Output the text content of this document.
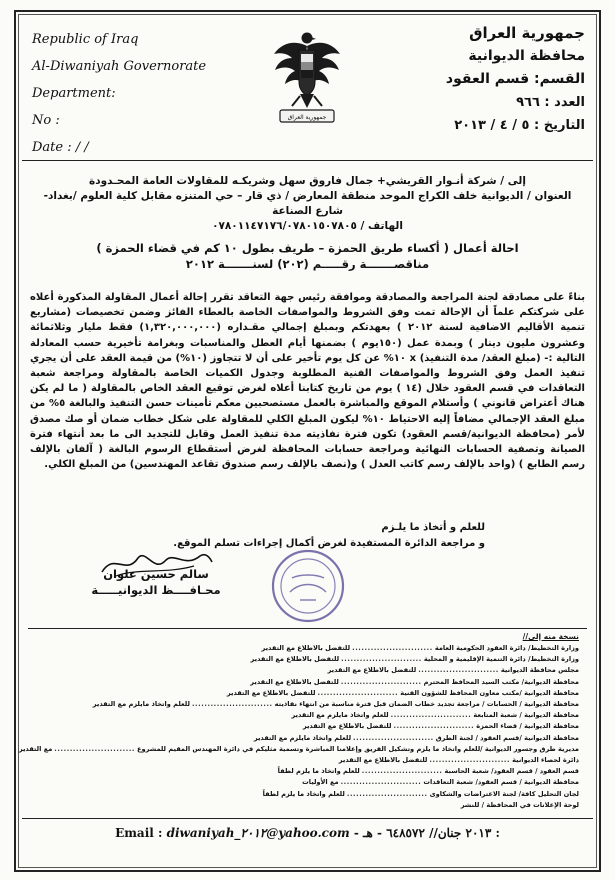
Republic of Iraq
Al-Diwaniyah Governorate
Department:
No :
Date : / /
جمهورية العراق
جمهورية العراق
محافظة الديوانية
القسم: قسم العقود
العدد : ٩٦٦
التاريخ : ٥ / ٤ / ٢٠١٣
إلى / شركة أنـوار القريشي+ جمال فاروق سهل وشريكـه للمقاولات العامة المحـدودة
العنوان / الديوانية خلف الكراج الموحد منطقة المعارض / ذي قار – حي المتنزه مقابل كلية العلوم /بغداد-
شارع الصناعة
الهاتف / ٠٧٨٠١١٤٧١٧٦/٠٧٨٠١٥٠٧٨٠٥
احالة أعمال ( أكساء طريق الحمزة – طريف بطول ١٠ كم في قضاء الحمزة )
مناقصـــــــة رقـــــم (٢٠٢) لسنـــــــة ٢٠١٢

بناءً على مصادقة لجنة المراجعة والمصادقة وموافقة رئيس جهة التعاقد تقرر إحالة أعمال المقاولة المذكورة أعلاه على شركتكم علماً أن الإحالة تمت وفق الشروط والمواصفات الخاصة بالعطاء الفائز وضمن تخصيصات (مشاريع تنمية الأقاليم الاضافية لسنة ٢٠١٢ ) بعهدتكم وبمبلغ إجمالي مقـداره (١,٣٢٠,٠٠٠,٠٠٠) فقط مليار وثلاثمائة وعشرون مليون دينار ) وبمدة عمل (١٥٠يوم ) بضمنها أيام العطل والمناسبات وبغرامة تأخيرية حسب المعادلة التالية :- (مبلغ العقد/ مدة التنفيذ) x ١٠% عن كل يوم تأخير على أن لا تتجاوز (١٠%) من قيمة العقد على أن يجري تنفيذ العمل وفق الشروط والمواصفات الفنية المطلوبة وجدول الكميات الخاصة بالمقاولة ومراجعة شعبة التعاقدات في قسم العقود خلال (١٤ ) يوم من تاريخ كتابنا أعلاه لغرض توقيع العقد الخاص بالمقاولة ( ما لم يكن هناك أعتراض قانوني ) وأستلام الموقع والمباشرة بالعمل مستصحبين معكم تأمينات حسن التنفيذ والبالغة ٥% من مبلغ العقد الإجمالي مضافاً إليه الاحتياط ١٠% ليكون المبلغ الكلي للمقاولة على شكل خطاب ضمان أو صك مصدق لأمر (محافظة الديوانية/قسم العقود) تكون فترة نفاذيته مدة تنفيذ العمل وقابل للتجديد الى ما بعد أنتهاء فترة الصيانة وتصفية الحسابات النهائية ومراجعة حسابات المحافظة لغرض أستقطاع الرسوم البالغة ( آلفان بالإلف رسم الطابع ) (واحد بالإلف رسم كاتب العدل ) و(نصف بالإلف رسم صندوق تقاعد المهندسين) من المبلغ الكلي.

للعلم و أتخاذ ما يلـزم
و مراجعة الدائرة المستفيدة لغرض أكمال إجراءات تسلم الموقع.
سالم حسين علوان
محـافــــظ الديوانيـــــة
نسخة منه إلى//
وزارة التخطيط/ دائرة العقود الحكومية العامة..........................للتفضل بالاطلاع مع التقدير
وزارة التخطيط/ دائرة التنمية الإقليمية و المحلية..........................للتفضل بالاطلاع مع التقدير
مجلس محافظة الديوانية..........................للتفضل بالاطلاع مع التقدير
محافظة الديوانية/ مكتب السيد المحافظ المحترم..........................للتفضل بالاطلاع مع التقدير
محافظة الديوانية /مكتب معاون المحافظ للشؤون الفنية..........................للتفضل بالاطلاع مع التقدير
محافظة الديوانية / الحسابات / مراجعة تجديد خطاب الضمان قبل فترة مناسبة من انتهاء نفاذيته..........................للعلم واتخاذ مايلزم مع التقدير
محافظة الديوانية / شعبة المتابعة..........................للعلم واتخاذ مايلزم مع التقدير
محافظة الديوانية / قضاء الحمزة..........................للتفضل بالاطلاع مع التقدير
محافظة الديوانية /قسم العقود / لجنة الطرق..........................للعلم واتخاذ مايلزم مع التقدير
مديرية طرق وجسور الديوانية /للعلم واتخاذ ما يلزم وتشكيل الفريق وإعلامنا المباشرة وتسمية مثليكم في دائرة المهندس المقيم للمشروع..........................مع التقدير
دائرة لحصاء الديوانية..........................للتفضل بالاطلاع مع التقدير
قسم العقود / قسم العقود/ شعبة الحاسبة..........................للعلم واتخاذ ما يلزم لطفاً
محافظة الديوانية / قسم العقود/ شعبة التعاقدات..........................مع الأوليات
لجان التحليل كافة/ لجنة الاعتراضات والشكاوى..........................للعلم واتخاذ ما يلزم لطفاً
لوحة الإعلانات في المحافظة / للنشر
Email : diwaniyah_٢٠١٢@yahoo.com - ٢٠١٣ جنان// ٦٤٨٥٧٢ - هـ :
